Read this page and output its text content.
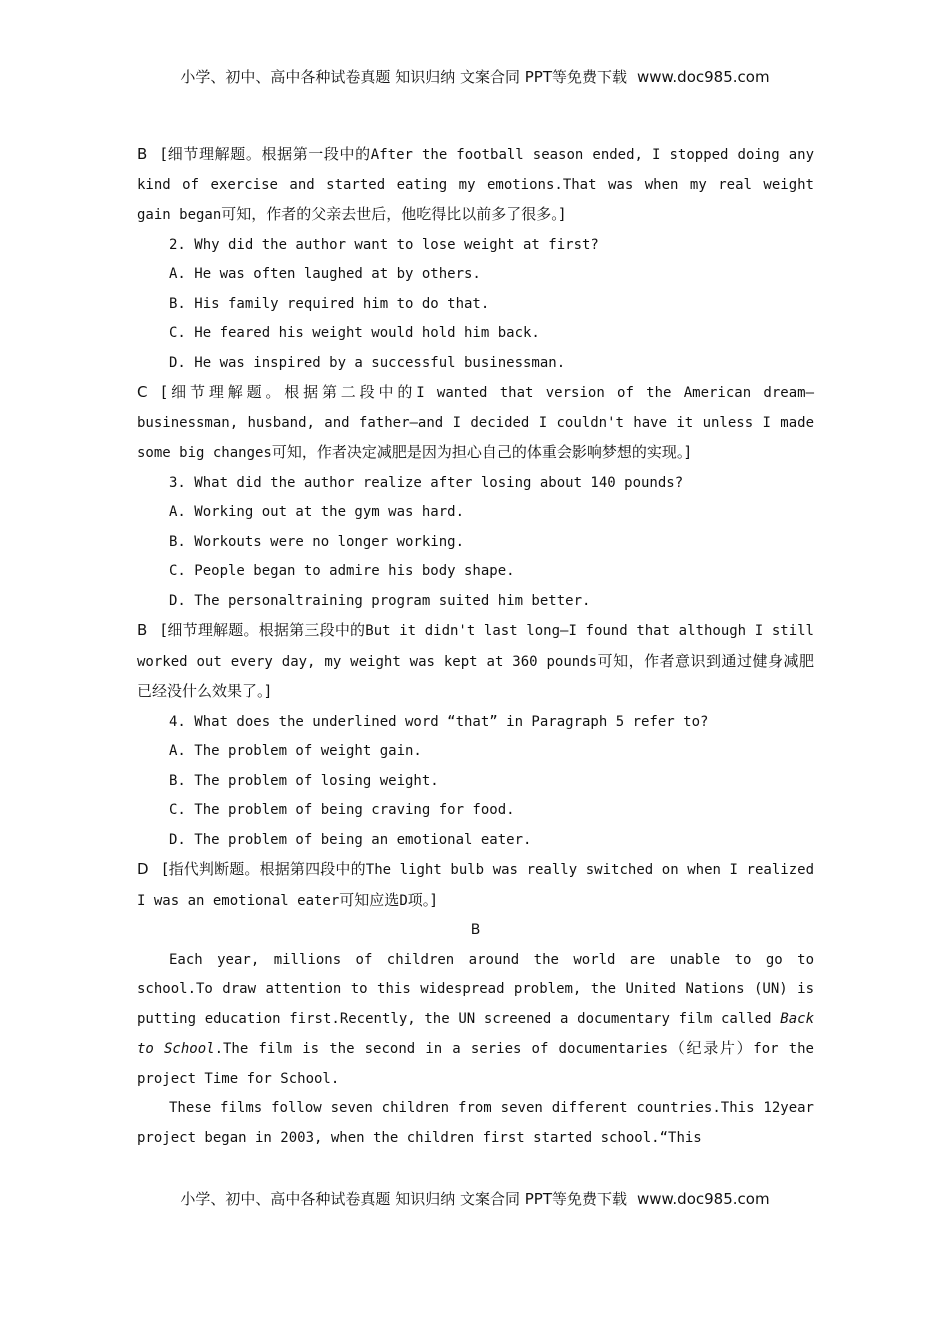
小学、初中、高中各种试卷真题 知识归纳 文案合同 PPT等免费下载 www.doc985.com

B [细节理解题。根据第一段中的After the football season ended, I stopped doing any kind of exercise and started eating my emotions.That was when my real weight gain began可知，作者的父亲去世后，他吃得比以前多了很多。]

2. Why did the author want to lose weight at first?

A. He was often laughed at by others.

B. His family required him to do that.

C. He feared his weight would hold him back.

D. He was inspired by a successful businessman.

C [细节理解题。根据第二段中的I wanted that version of the American dream—businessman, husband, and father—and I decided I couldn't have it unless I made some big changes可知，作者决定减肥是因为担心自己的体重会影响梦想的实现。]

3. What did the author realize after losing about 140 pounds?

A. Working out at the gym was hard.

B. Workouts were no longer working.

C. People began to admire his body shape.

D. The personaltraining program suited him better.

B [细节理解题。根据第三段中的But it didn't last long—I found that although I still worked out every day, my weight was kept at 360 pounds可知，作者意识到通过健身减肥已经没什么效果了。]

4. What does the underlined word “that” in Paragraph 5 refer to?

A. The problem of weight gain.

B. The problem of losing weight.

C. The problem of being craving for food.

D. The problem of being an emotional eater.

D [指代判断题。根据第四段中的The light bulb was really switched on when I realized I was an emotional eater可知应选D项。]

B

Each year, millions of children around the world are unable to go to school.To draw attention to this widespread problem, the United Nations (UN) is putting education first.Recently, the UN screened a documentary film called Back to School.The film is the second in a series of documentaries（纪录片）for the project Time for School.

These films follow seven children from seven different countries.This 12year project began in 2003, when the children first started school.“This

小学、初中、高中各种试卷真题 知识归纳 文案合同 PPT等免费下载 www.doc985.com
